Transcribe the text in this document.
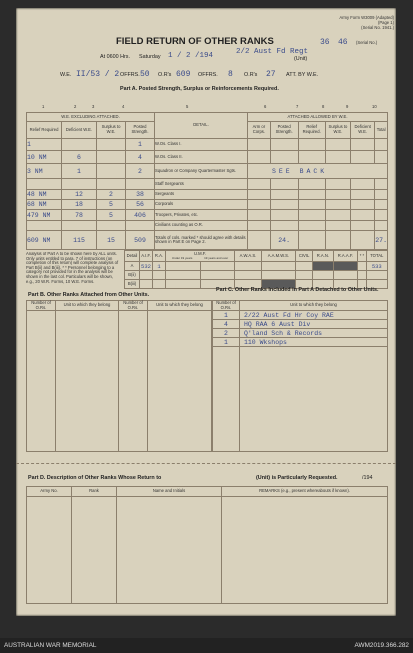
Army Form W3009 (Adapted)
(Page 1)
(Serial No. 1941.)
36 46 (Serial No.)
FIELD RETURN OF OTHER RANKS
At 0600 Hrs. Saturday 1 / 2 /194	2/2 Aust Fd Regt
(Unit)
W.E. II/53 / 2 OFFRS. 50 O.R's 609 OFFRS. 8 O.R's 27 ATT. BY W.E.
Part A. Posted Strength, Surplus or Reinforcements Required.
1	2	3	4	5	6	7	8	9	10
W.E. EXCLUDING ATTACHED.				DETAIL.	ATTACHED ALLOWED BY W.E.					
Relief Required	Deficient W.E.	Surplus to W.E.	Posted Strength.		Arm or Corps.	Posted Strength.	Relief Required.	Surplus to W.E.	Deficient W.E.	Total
1			1	W.Os. Class I.						
10 NM	6		4	W.Os. Class II.						
3 NM	1		2	Squadron or Company Quartermaster Sgts.	SEE BACK					
				Staff Sergeants						
48 NM	12	2	38	Sergeants						
68 NM	18	5	56	Corporals						
479 NM	78	5	406	Troopers, Privates, etc.						
				Civilians counting as O.R.						
609 NM	115	15	509	Totals of cols. marked * should agree with details shown in Part E on Page 2.		24.				27.
Analysis of Part A to be shown here by ALL units. Only units entitled to para. 7 of instructions (on completion of this return) will complete analysis of Part B(ii) and B(iii). * * Personnel belonging to a category not provided for in the analysis will be shown in the last col. Particulars will be shown, e.g., 20 W.R. Forms, 10 W.E. Forms.
Detail	A.I.F.	R.A.	U.M.F.
Under 19 years 19 years and over		A.W.A.S.	A.A.M.W.S.	CIVIL	R.A.N.	R.A.A.F.	* *	TOTAL
A	532	1									533
B(ii)											
B(iii)											
Part B. Other Ranks Attached from Other Units.
Part C. Other Ranks Included in Part A Detached to Other Units.
Number of O.Rs.	Unit to which they belong	Number of O.Rs.	Unit to which they belong
				Number of O.Rs.	Unit to which they belong
1	2/22 Aust Fd Hr Coy RAE
4	HQ RAA 6 Aust Div
2	Q'land Sch & Records
1	110 Wkshops

Part D. Description of Other Ranks Whose Return to	(Unit) is Particularly Requested.	/194
Army No.	Rank	Name and Initials	REMARKS (e.g., present whereabouts if known).

AUSTRALIAN WAR MEMORIAL	AWM2019.366.282
